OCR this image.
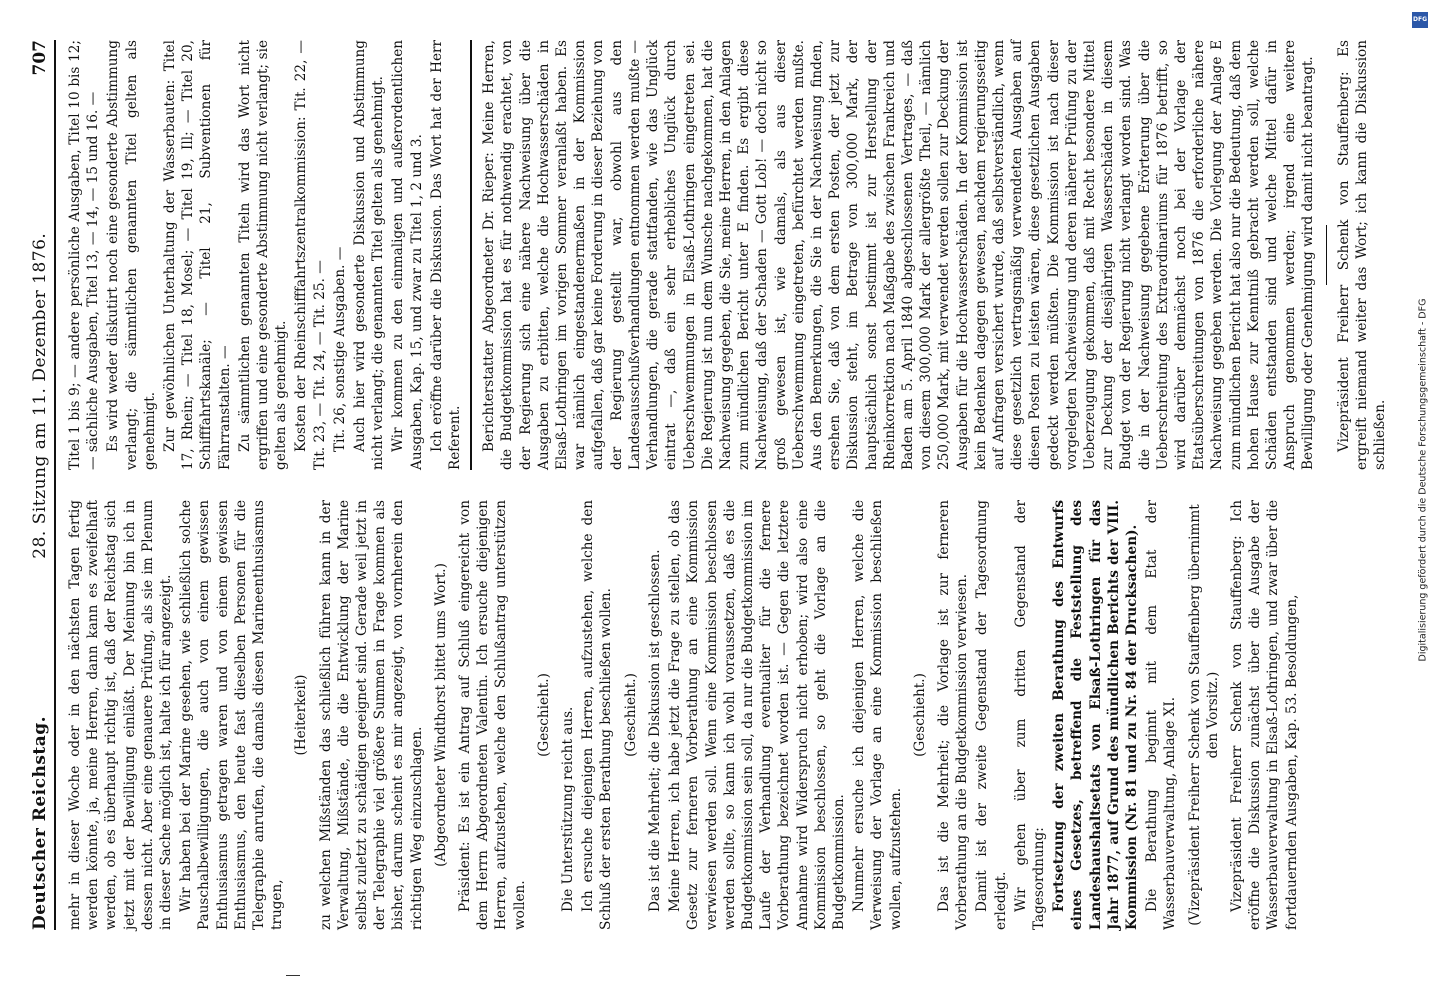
Deutscher Reichstag.
28. Sitzung am 11. Dezember 1876.
707

mehr in dieser Woche oder in den nächsten Tagen fertig werden könnte, ja, meine Herren, dann kann es zweifelhaft werden, ob es überhaupt richtig ist, daß der Reichstag sich jetzt mit der Bewilligung einläßt. Der Meinung bin ich in dessen nicht. Aber eine genauere Prüfung, als sie im Plenum in dieser Sache möglich ist, halte ich für angezeigt. Wir haben bei der Marine gesehen, wie schließlich solche Pauschalbewilligungen, die auch von einem gewissen Enthusiasmus getragen waren und von einem gewissen Enthusiasmus, den heute fast dieselben Personen für die Telegraphie anrufen, die damals diesen Marineenthusiasmus trugen,

(Heiterkeit) zu welchen Mißständen das schließlich führen kann in der Verwaltung, Mißstände, die die Entwicklung der Marine selbst zuletzt zu schädigen geeignet sind. Gerade weil jetzt in der Telegraphie viel größere Summen in Frage kommen als bisher, darum scheint es mir angezeigt, von vornherein den richtigen Weg einzuschlagen. (Abgeordneter Windthorst bittet ums Wort.) Präsident: Es ist ein Antrag auf Schluß eingereicht von dem Herrn Abgeordneten Valentin. Ich ersuche diejenigen Herren, aufzustehen, welche den Schlußantrag unterstützen wollen.

(Geschieht.) Die Unterstützung reicht aus. Ich ersuche diejenigen Herren, aufzustehen, welche den Schluß der ersten Berathung beschließen wollen. (Geschieht.) Das ist die Mehrheit; die Diskussion ist geschlossen. Meine Herren, ich habe jetzt die Frage zu stellen, ob das Gesetz zur ferneren Vorberathung an eine Kommission verwiesen werden soll. Wenn eine Kommission beschlossen werden sollte, so kann ich wohl voraussetzen, daß es die Budgetkommission sein soll, da nur die Budgetkommission im Laufe der Verhandlung eventualiter für die fernere Vorberathung bezeichnet worden ist. — Gegen die letztere Annahme wird Widerspruch nicht erhoben; wird also eine Kommission beschlossen, so geht die Vorlage an die Budgetkommission. Nunmehr ersuche ich diejenigen Herren, welche die Verweisung der Vorlage an eine Kommission beschließen wollen, aufzustehen.

(Geschieht.) Das ist die Mehrheit; die Vorlage ist zur ferneren Vorberathung an die Budgetkommission verwiesen. Damit ist der zweite Gegenstand der Tagesordnung erledigt. Wir gehen über zum dritten Gegenstand der Tagesordnung: Fortsetzung der zweiten Berathung des Entwurfs eines Gesetzes, betreffend die Feststellung des Landeshaushaltsetats von Elsaß-Lothringen für das Jahr 1877, auf Grund des mündlichen Berichts der VIII. Kommission (Nr. 81 und zu Nr. 84 der Drucksachen). Die Berathung beginnt mit dem Etat der Wasserbauverwaltung, Anlage XI. (Vizepräsident Freiherr Schenk von Stauffenberg übernimmt den Vorsitz.) Vizepräsident Freiherr Schenk von Stauffenberg: Ich eröffne die Diskussion zunächst über die Ausgabe der Wasserbauverwaltung in Elsaß-Lothringen, und zwar über die fortdauernden Ausgaben, Kap. 53. Besoldungen,

Titel 1 bis 9; — andere persönliche Ausgaben, Titel 10 bis 12; — sächliche Ausgaben, Titel 13, — 14, — 15 und 16. — Es wird weder diskutirt noch eine gesonderte Abstimmung verlangt; die sämmtlichen genannten Titel gelten als genehmigt. Zur gewöhnlichen Unterhaltung der Wasserbauten: Titel 17, Rhein; — Titel 18, Mosel; — Titel 19, Ill; — Titel 20, Schifffahrtskanäle; — Titel 21, Subventionen für Fährranstalten. — Zu sämmtlichen genannten Titeln wird das Wort nicht ergriffen und eine gesonderte Abstimmung nicht verlangt; sie gelten als genehmigt. Kosten der Rheinschifffahrtszentralkommission: Tit. 22, — Tit. 23, — Tit. 24, — Tit. 25. — Tit. 26, sonstige Ausgaben. — Auch hier wird gesonderte Diskussion und Abstimmung nicht verlangt; die genannten Titel gelten als genehmigt. Wir kommen zu den einmaligen und außerordentlichen Ausgaben, Kap. 15, und zwar zu Titel 1, 2 und 3. Ich eröffne darüber die Diskussion. Das Wort hat der Herr Referent. Berichterstatter Abgeordneter Dr. Rieper: Meine Herren, die Budgetkommission hat es für nothwendig erachtet, von der Regierung sich eine nähere Nachweisung über die Ausgaben zu erbitten, welche die Hochwasserschäden in Elsaß-Lothringen im vorigen Sommer veranlaßt haben. Es war nämlich eingestandenermaßen in der Kommission aufgefallen, daß gar keine Forderung in dieser Beziehung von der Regierung gestellt war, obwohl aus den Landesausschußverhandlungen entnommen werden mußte — Verhandlungen, die gerade stattfanden, wie das Unglück eintrat —, daß ein sehr erhebliches Unglück durch Ueberschwemmungen in Elsaß-Lothringen eingetreten sei. Die Regierung ist nun dem Wunsche nachgekommen, hat die Nachweisung gegeben, die Sie, meine Herren, in den Anlagen zum mündlichen Bericht unter E finden. Es ergibt diese Nachweisung, daß der Schaden — Gott Lob! — doch nicht so groß gewesen ist, wie damals, als aus dieser Ueberschwemmung eingetreten, befürchtet werden mußte. Aus den Bemerkungen, die Sie in der Nachweisung finden, ersehen Sie, daß von dem ersten Posten, der jetzt zur Diskussion steht, im Betrage von 300,000 Mark, der hauptsächlich sonst bestimmt ist zur Herstellung der Rheinkorrektion nach Maßgabe des zwischen Frankreich und Baden am 5. April 1840 abgeschlossenen Vertrages, — daß von diesem 300,000 Mark der allergrößte Theil, — nämlich 250,000 Mark, mit verwendet werden sollen zur Deckung der Ausgaben für die Hochwasserschäden. In der Kommission ist kein Bedenken dagegen gewesen, nachdem regierungsseitig auf Anfragen versichert wurde, daß selbstverständlich, wenn diese gesetzlich vertragsmäßig verwendeten Ausgaben auf diesen Posten zu leisten wären, diese gesetzlichen Ausgaben gedeckt werden müßten. Die Kommission ist nach dieser vorgelegten Nachweisung und deren näherer Prüfung zu der Ueberzeugung gekommen, daß mit Recht besondere Mittel zur Deckung der diesjährigen Wasserschäden in diesem Budget von der Regierung nicht verlangt worden sind. Was die in der Nachweisung gegebene Erörterung über die Ueberschreitung des Extraordinariums für 1876 betrifft, so wird darüber demnächst noch bei der Vorlage der Etatsüberschreitungen von 1876 die erforderliche nähere Nachweisung gegeben werden. Die Vorlegung der Anlage E zum mündlichen Bericht hat also nur die Bedeutung, daß dem hohen Hause zur Kenntniß gebracht werden soll, welche Schäden entstanden sind und welche Mittel dafür in Anspruch genommen werden; irgend eine weitere Bewilligung oder Genehmigung wird damit nicht beantragt. Vizepräsident Freiherr Schenk von Stauffenberg: Es ergreift niemand weiter das Wort; ich kann die Diskussion schließen.

DFG
Digitalisierung gefördert durch die Deutsche Forschungsgemeinschaft - DFG
